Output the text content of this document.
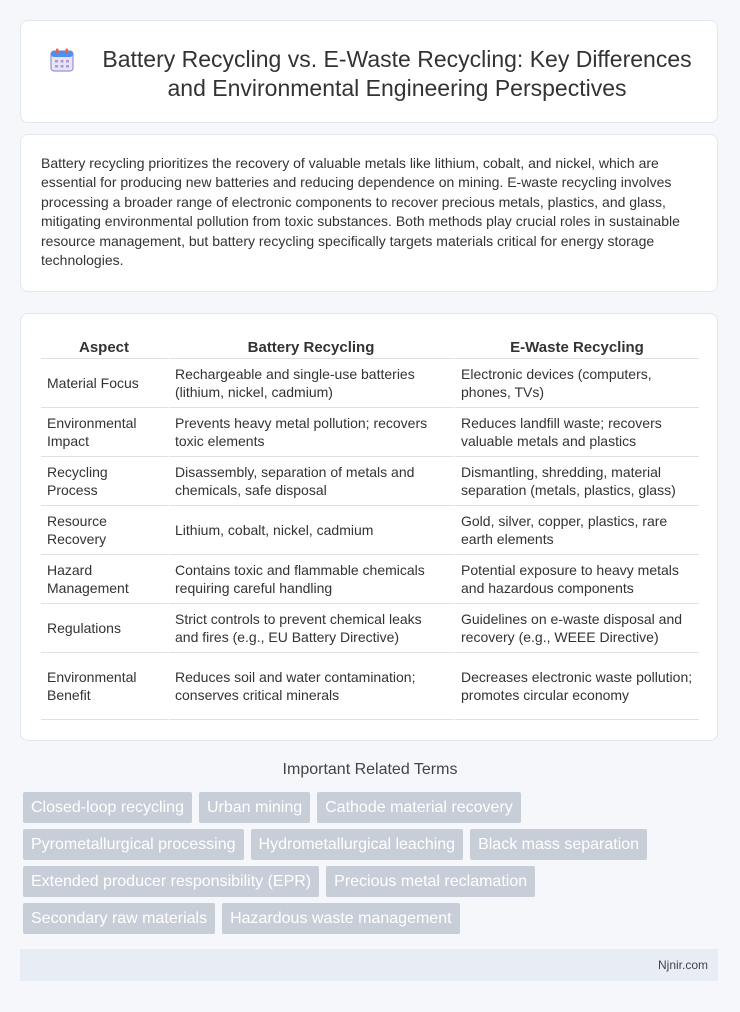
Battery Recycling vs. E-Waste Recycling: Key Differences and Environmental Engineering Perspectives

Battery recycling prioritizes the recovery of valuable metals like lithium, cobalt, and nickel, which are essential for producing new batteries and reducing dependence on mining. E-waste recycling involves processing a broader range of electronic components to recover precious metals, plastics, and glass, mitigating environmental pollution from toxic substances. Both methods play crucial roles in sustainable resource management, but battery recycling specifically targets materials critical for energy storage technologies.

Aspect	Battery Recycling	E-Waste Recycling
Material Focus	Rechargeable and single-use batteries (lithium, nickel, cadmium)	Electronic devices (computers, phones, TVs)
Environmental Impact	Prevents heavy metal pollution; recovers toxic elements	Reduces landfill waste; recovers valuable metals and plastics
Recycling Process	Disassembly, separation of metals and chemicals, safe disposal	Dismantling, shredding, material separation (metals, plastics, glass)
Resource Recovery	Lithium, cobalt, nickel, cadmium	Gold, silver, copper, plastics, rare earth elements
Hazard Management	Contains toxic and flammable chemicals requiring careful handling	Potential exposure to heavy metals and hazardous components
Regulations	Strict controls to prevent chemical leaks and fires (e.g., EU Battery Directive)	Guidelines on e-waste disposal and recovery (e.g., WEEE Directive)
Environmental Benefit	Reduces soil and water contamination; conserves critical minerals	Decreases electronic waste pollution; promotes circular economy
Important Related Terms
Closed-loop recycling	Urban mining	Cathode material recovery
Pyrometallurgical processing	Hydrometallurgical leaching	Black mass separation
Extended producer responsibility (EPR)	Precious metal reclamation
Secondary raw materials	Hazardous waste management
Njnir.com
